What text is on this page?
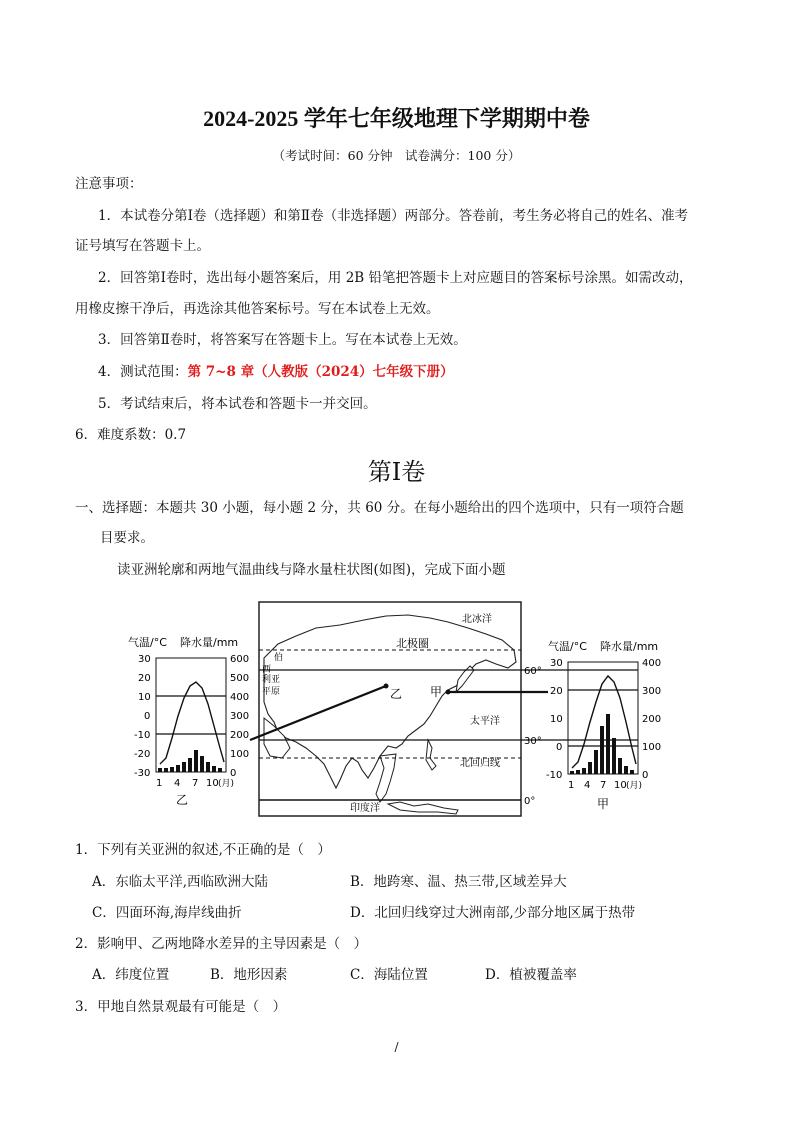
2024-2025 学年七年级地理下学期期中卷
（考试时间：60 分钟　试卷满分：100 分）
注意事项：
1．本试卷分第Ⅰ卷（选择题）和第Ⅱ卷（非选择题）两部分。答卷前，考生务必将自己的姓名、准考
证号填写在答题卡上。
2．回答第Ⅰ卷时，选出每小题答案后，用 2B 铅笔把答题卡上对应题目的答案标号涂黑。如需改动，
用橡皮擦干净后，再选涂其他答案标号。写在本试卷上无效。
3．回答第Ⅱ卷时，将答案写在答题卡上。写在本试卷上无效。
4．测试范围：第 7~8 章（人教版（2024）七年级下册）
5．考试结束后，将本试卷和答题卡一并交回。
6．难度系数：0.7
第Ⅰ卷
一、选择题：本题共 30 小题，每小题 2 分，共 60 分。在每小题给出的四个选项中，只有一项符合题
目要求。
读亚洲轮廓和两地气温曲线与降水量柱状图(如图)，完成下面小题
北冰洋
北极圈
西
伯
利亚
平原	乙 甲
太平洋
北回归线
印度洋
60°
30°
0°
气温/°C 降水量/mm
30
20
10
0
-10
-20
-30
600
500
400
300
200
100
0
1 4 7 10 (月)
乙
气温/°C 降水量/mm
30
20
10
0
-10
400
300
200
100
0
1 4 7 10 (月)
甲
1．下列有关亚洲的叙述,不正确的是（　）
A．东临太平洋,西临欧洲大陆	B．地跨寒、温、热三带,区域差异大
C．四面环海,海岸线曲折	D．北回归线穿过大洲南部,少部分地区属于热带
2．影响甲、乙两地降水差异的主导因素是（　）
A．纬度位置	B．地形因素	C．海陆位置	D．植被覆盖率
3．甲地自然景观最有可能是（　）
/
